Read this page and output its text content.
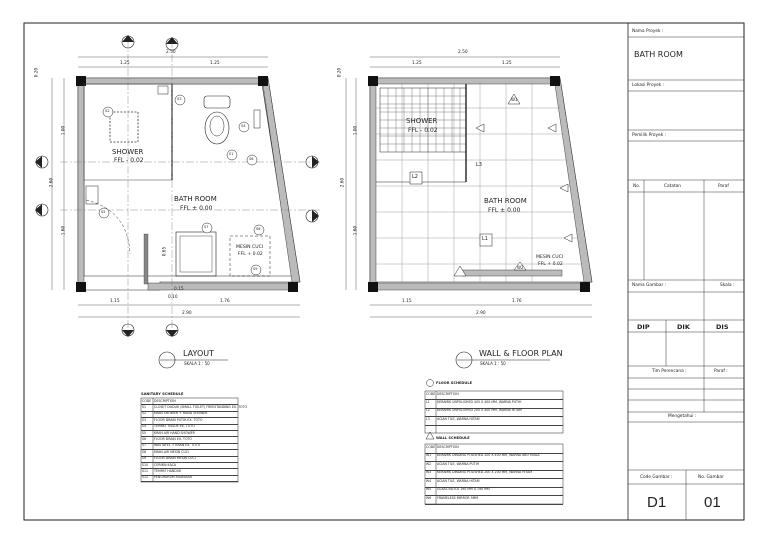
SHOWER
FFL - 0.02
BATH ROOM
FFL ± 0.00
MESIN CUCI
FFL + 0.02
LAYOUT
SKALA 1 : 50
2.50
1.25	1.25
1.15	1.76
2.90
0.20
1.00
2.60
1.60
0.65
0.10
0.15
S2
S3
S4
S1
S6
S5
S7	S8
S9
SHOWER
FFL - 0.02
BATH ROOM
FFL ± 0.00
MESIN CUCI
FFL + 0.02
WALL & FLOOR PLAN
SKALA 1 : 50
2.50
1.25	1.25
1.15	1.76
2.90
0.20
1.00
2.60
1.60
L1
L2
L3
W1
W2
SANITARY SCHEDULE
CODE DESCRIPTION
S1 CLOSET DUDUK (SMALL TOILET) FREESTANDING EX. TOTO
S2 KRAN SHOWER + HAND SHOWER
S3 FLOOR DRAIN PUTIH EX. TOTO
S4 TEMPAT TISSUE EX. TOTO
S5 KRAN AIR HAND SHOWER
S6 FLOOR DRAIN EX. TOTO
S7 WASTAFEL + KRAN EX. TOTO
S8 KRAN AIR MESIN CUCI
S9 FLOOR DRAIN MESIN CUCI
S10 CERMIN KACA
S11 TEMPAT HANDUK
S12 PENGHARUM RUANGAN
FLOOR SCHEDULE
CODE DESCRIPTION
L1 KERAMIK UNPOLISHED 400 X 400 MM, WARNA PUTIH
L2 KERAMIK UNPOLISHED 200 X 400 MM, WARNA HITAM
L3 ACIAN TILE, WARNA HITAM
WALL SCHEDULE
CODE DESCRIPTION
W1 KERAMIK DINDING POLISHED 200 X 400 MM, WARNA ABU MUDA
W2 ACIAN TILE, WARNA PUTIH
W3 KERAMIK DINDING POLISHED 200 X 200 MM, WARNA HITAM
W4 ACIAN TILE, WARNA HITAM
W5 GLASS BLOCK 190 MM X 190 MM
W6 FRAMELESS MIRROR 5MM
Nama Proyek :
BATH ROOM
Lokasi Proyek :
Pemilik Proyek :
No.	Catatan	Paraf
Nama Gambar :	Skala :
DIP	DIK	DIS
Tim Perencana :	Paraf :
Mengetahui :
Code Gambar :	No. Gambar
D1	01
